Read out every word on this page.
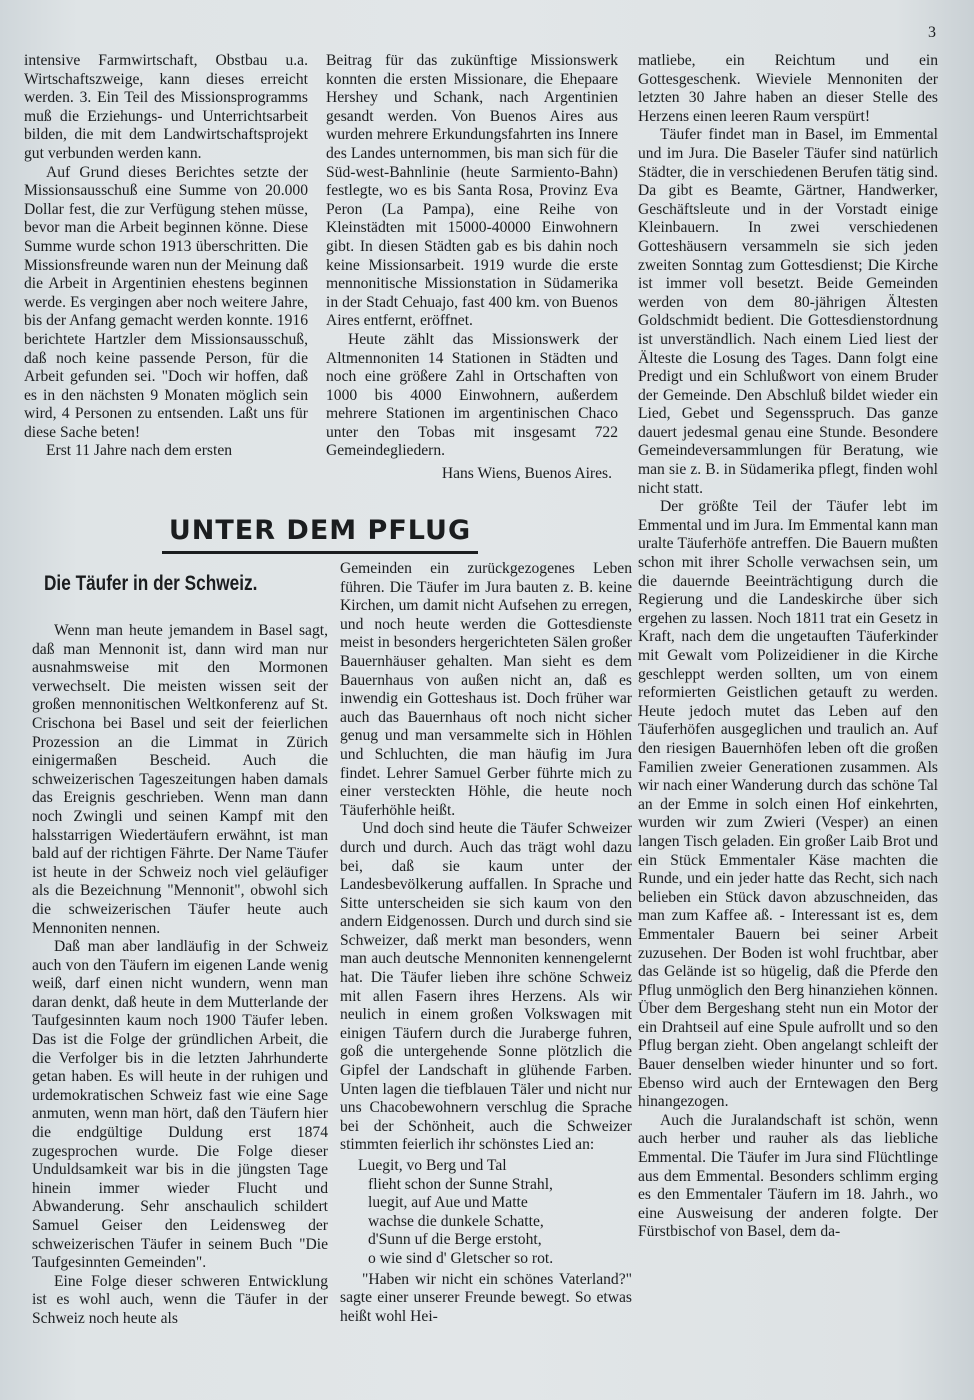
3

intensive Farmwirtschaft, Obstbau u.a. Wirtschaftszweige, kann dieses erreicht werden. 3. Ein Teil des Missionsprogramms muß die Erziehungs- und Unterrichtsarbeit bilden, die mit dem Landwirtschaftsprojekt gut verbunden werden kann.

Auf Grund dieses Berichtes setzte der Missionsausschuß eine Summe von 20.000 Dollar fest, die zur Verfügung stehen müsse, bevor man die Arbeit beginnen könne. Diese Summe wurde schon 1913 überschritten. Die Missionsfreunde waren nun der Meinung daß die Arbeit in Argentinien ehestens beginnen werde. Es vergingen aber noch weitere Jahre, bis der Anfang gemacht werden konnte. 1916 berichtete Hartzler dem Missionsausschuß, daß noch keine passende Person, für die Arbeit gefunden sei. "Doch wir hoffen, daß es in den nächsten 9 Monaten möglich sein wird, 4 Personen zu entsenden. Laßt uns für diese Sache beten!

Erst 11 Jahre nach dem ersten

Beitrag für das zukünftige Missionswerk konnten die ersten Missionare, die Ehepaare Hershey und Schank, nach Argentinien gesandt werden. Von Buenos Aires aus wurden mehrere Erkundungsfahrten ins Innere des Landes unternommen, bis man sich für die Süd-west-Bahnlinie (heute Sarmiento-Bahn) festlegte, wo es bis Santa Rosa, Provinz Eva Peron (La Pampa), eine Reihe von Kleinstädten mit 15000-40000 Einwohnern gibt. In diesen Städten gab es bis dahin noch keine Missionsarbeit. 1919 wurde die erste mennonitische Missionstation in Südamerika in der Stadt Cehuajo, fast 400 km. von Buenos Aires entfernt, eröffnet.

Heute zählt das Missionswerk der Altmennoniten 14 Stationen in Städten und noch eine größere Zahl in Ortschaften von 1000 bis 4000 Einwohnern, außerdem mehrere Stationen im argentinischen Chaco unter den Tobas mit insgesamt 722 Gemeindegliedern.

Hans Wiens, Buenos Aires.
UNTER DEM PFLUG
Die Täufer in der Schweiz.

Wenn man heute jemandem in Basel sagt, daß man Mennonit ist, dann wird man nur ausnahmsweise mit den Mormonen verwechselt. Die meisten wissen seit der großen mennonitischen Weltkonferenz auf St. Crischona bei Basel und seit der feierlichen Prozession an die Limmat in Zürich einigermaßen Bescheid. Auch die schweizerischen Tageszeitungen haben damals das Ereignis geschrieben. Wenn man dann noch Zwingli und seinen Kampf mit den halsstarrigen Wiedertäufern erwähnt, ist man bald auf der richtigen Fährte. Der Name Täufer ist heute in der Schweiz noch viel geläufiger als die Bezeichnung "Mennonit", obwohl sich die schweizerischen Täufer heute auch Mennoniten nennen.

Daß man aber landläufig in der Schweiz auch von den Täufern im eigenen Lande wenig weiß, darf einen nicht wundern, wenn man daran denkt, daß heute in dem Mutterlande der Taufgesinnten kaum noch 1900 Täufer leben. Das ist die Folge der gründlichen Arbeit, die die Verfolger bis in die letzten Jahrhunderte getan haben. Es will heute in der ruhigen und urdemokratischen Schweiz fast wie eine Sage anmuten, wenn man hört, daß den Täufern hier die endgültige Duldung erst 1874 zugesprochen wurde. Die Folge dieser Unduldsamkeit war bis in die jüngsten Tage hinein immer wieder Flucht und Abwanderung. Sehr anschaulich schildert Samuel Geiser den Leidensweg der schweizerischen Täufer in seinem Buch "Die Taufgesinnten Gemeinden".

Eine Folge dieser schweren Entwicklung ist es wohl auch, wenn die Täufer in der Schweiz noch heute als

Gemeinden ein zurückgezogenes Leben führen. Die Täufer im Jura bauten z. B. keine Kirchen, um damit nicht Aufsehen zu erregen, und noch heute werden die Gottesdienste meist in besonders hergerichteten Sälen großer Bauernhäuser gehalten. Man sieht es dem Bauernhaus von außen nicht an, daß es inwendig ein Gotteshaus ist. Doch früher war auch das Bauernhaus oft noch nicht sicher genug und man versammelte sich in Höhlen und Schluchten, die man häufig im Jura findet. Lehrer Samuel Gerber führte mich zu einer versteckten Höhle, die heute noch Täuferhöhle heißt.

Und doch sind heute die Täufer Schweizer durch und durch. Auch das trägt wohl dazu bei, daß sie kaum unter der Landesbevölkerung auffallen. In Sprache und Sitte unterscheiden sie sich kaum von den andern Eidgenossen. Durch und durch sind sie Schweizer, daß merkt man besonders, wenn man auch deutsche Mennoniten kennengelernt hat. Die Täufer lieben ihre schöne Schweiz mit allen Fasern ihres Herzens. Als wir neulich in einem großen Volkswagen mit einigen Täufern durch die Juraberge fuhren, goß die untergehende Sonne plötzlich die Gipfel der Landschaft in glühende Farben. Unten lagen die tiefblauen Täler und nicht nur uns Chacobewohnern verschlug die Sprache bei der Schönheit, auch die Schweizer stimmten feierlich ihr schönstes Lied an:

Luegit, vo Berg und Tal
flieht schon der Sunne Strahl,
luegit, auf Aue und Matte
wachse die dunkele Schatte,
d'Sunn uf die Berge erstoht,
o wie sind d' Gletscher so rot.

"Haben wir nicht ein schönes Vaterland?" sagte einer unserer Freunde bewegt. So etwas heißt wohl Hei-

matliebe, ein Reichtum und ein Gottesgeschenk. Wieviele Mennoniten der letzten 30 Jahre haben an dieser Stelle des Herzens einen leeren Raum verspürt!

Täufer findet man in Basel, im Emmental und im Jura. Die Baseler Täufer sind natürlich Städter, die in verschiedenen Berufen tätig sind. Da gibt es Beamte, Gärtner, Handwerker, Geschäftsleute und in der Vorstadt einige Kleinbauern. In zwei verschiedenen Gotteshäusern versammeln sie sich jeden zweiten Sonntag zum Gottesdienst; Die Kirche ist immer voll besetzt. Beide Gemeinden werden von dem 80-jährigen Ältesten Goldschmidt bedient. Die Gottesdienstordnung ist unverständlich. Nach einem Lied liest der Älteste die Losung des Tages. Dann folgt eine Predigt und ein Schlußwort von einem Bruder der Gemeinde. Den Abschluß bildet wieder ein Lied, Gebet und Segensspruch. Das ganze dauert jedesmal genau eine Stunde. Besondere Gemeindeversammlungen für Beratung, wie man sie z. B. in Südamerika pflegt, finden wohl nicht statt.

Der größte Teil der Täufer lebt im Emmental und im Jura. Im Emmental kann man uralte Täuferhöfe antreffen. Die Bauern mußten schon mit ihrer Scholle verwachsen sein, um die dauernde Beeinträchtigung durch die Regierung und die Landeskirche über sich ergehen zu lassen. Noch 1811 trat ein Gesetz in Kraft, nach dem die ungetauften Täuferkinder mit Gewalt vom Polizeidiener in die Kirche geschleppt werden sollten, um von einem reformierten Geistlichen getauft zu werden. Heute jedoch mutet das Leben auf den Täuferhöfen ausgeglichen und traulich an. Auf den riesigen Bauernhöfen leben oft die großen Familien zweier Generationen zusammen. Als wir nach einer Wanderung durch das schöne Tal an der Emme in solch einen Hof einkehrten, wurden wir zum Zwieri (Vesper) an einen langen Tisch geladen. Ein großer Laib Brot und ein Stück Emmentaler Käse machten die Runde, und ein jeder hatte das Recht, sich nach belieben ein Stück davon abzuschneiden, das man zum Kaffee aß. - Interessant ist es, dem Emmentaler Bauern bei seiner Arbeit zuzusehen. Der Boden ist wohl fruchtbar, aber das Gelände ist so hügelig, daß die Pferde den Pflug unmöglich den Berg hinanziehen können. Über dem Bergeshang steht nun ein Motor der ein Drahtseil auf eine Spule aufrollt und so den Pflug bergan zieht. Oben angelangt schleift der Bauer denselben wieder hinunter und so fort. Ebenso wird auch der Erntewagen den Berg hinangezogen.

Auch die Juralandschaft ist schön, wenn auch herber und rauher als das liebliche Emmental. Die Täufer im Jura sind Flüchtlinge aus dem Emmental. Besonders schlimm erging es den Emmentaler Täufern im 18. Jahrh., wo eine Ausweisung der anderen folgte. Der Fürstbischof von Basel, dem da-
